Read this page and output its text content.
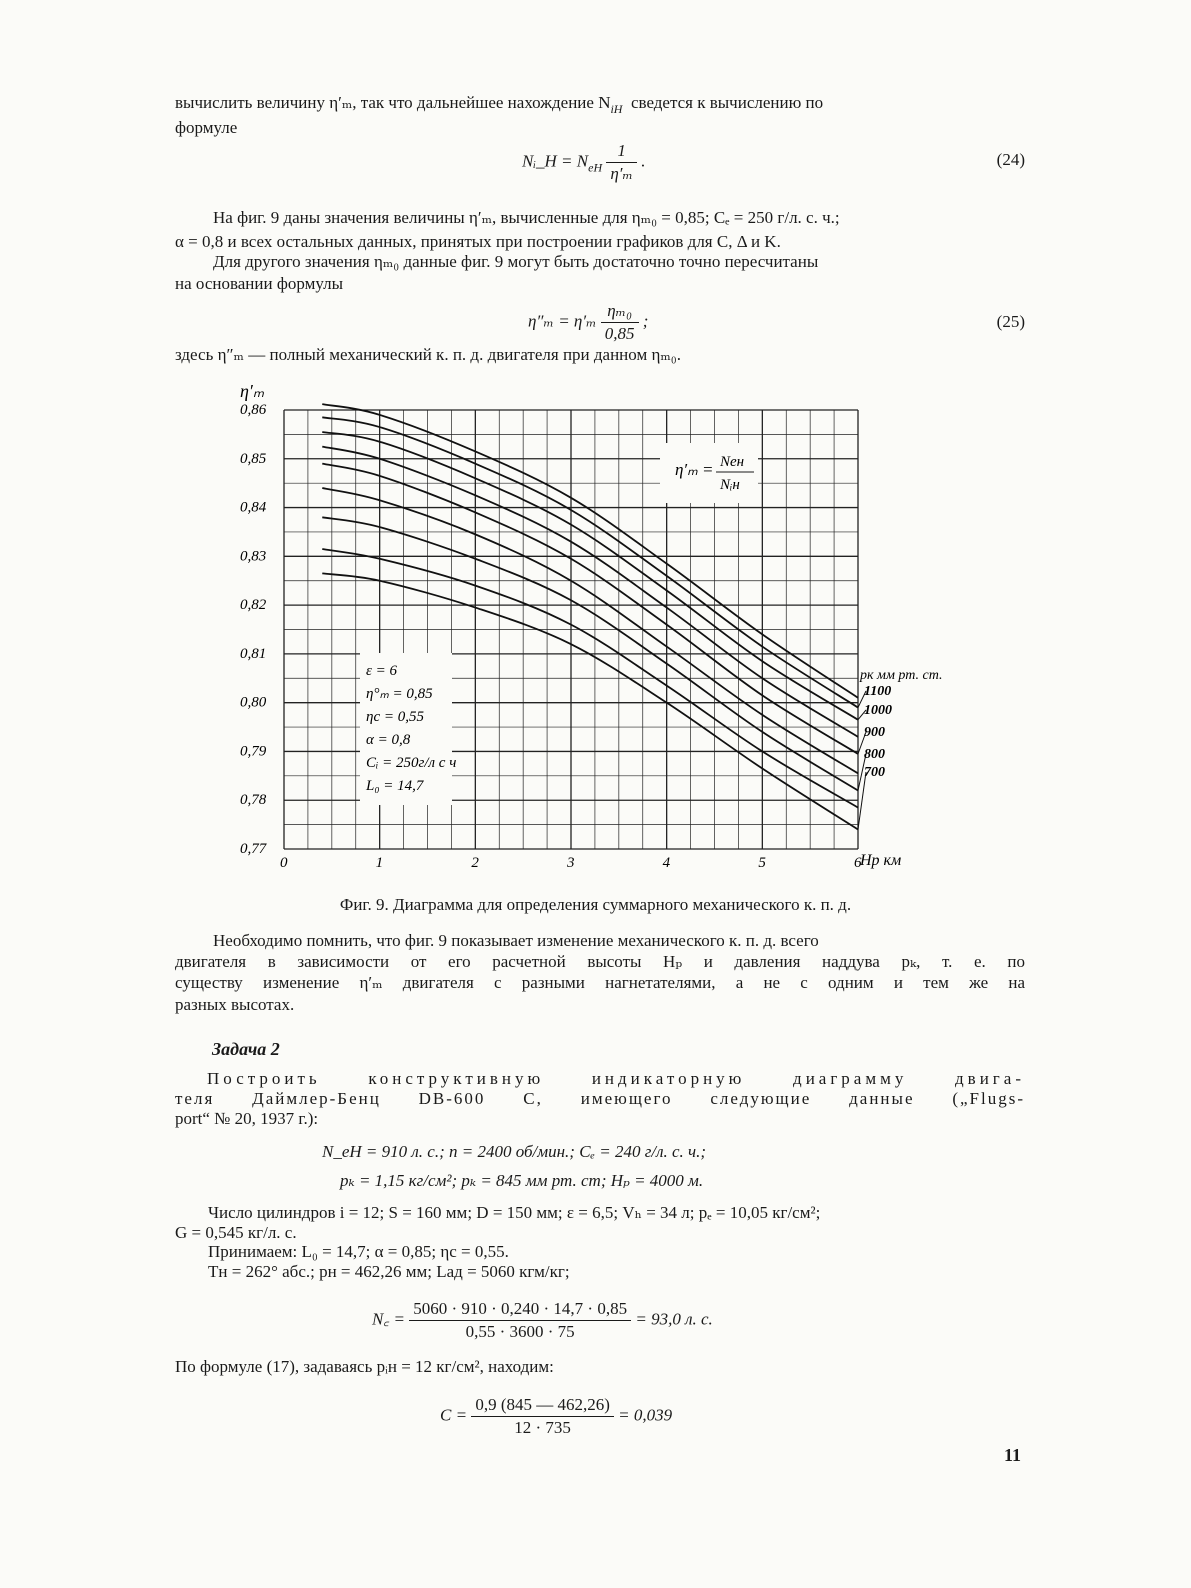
вычислить величину η′ₘ, так что дальнейшее нахождение $N_{iH}$ сведется к вычислению по
формуле
Nᵢ_H = $N_{eH} \frac{1}{\text{η′ₘ}}$ .	(24)
На фиг. 9 даны значения величины η′ₘ, вычисленные для ηₘ₀ = 0,85; Cₑ = 250 г/л. с. ч.;
α = 0,8 и всех остальных данных, принятых при построении графиков для C, Δ и K.
Для другого значения ηₘ₀ данные фиг. 9 могут быть достаточно точно пересчитаны
на основании формулы
$\eta''_m = \eta'_m \frac{\text{ηₘ₀}}{0,85}$ ;	(25)
здесь η″ₘ — полный механический к. п. д. двигателя при данном ηₘ₀.
0,86
0,85
0,84
0,83
0,82
0,81
0,80
0,79
0,78
0,77
0	1	2	3	4	5	6
η′ₘ
Hp км
η′ₘ = Nен
Nᵢн
ε = 6
η°ₘ = 0,85
ηc = 0,55
α = 0,8
Cᵢ = 250г/л с ч
L₀ = 14,7
pк мм рт. ст.
1100
1000
900
800
700
Фиг. 9. Диаграмма для определения суммарного механического к. п. д.
Необходимо помнить, что фиг. 9 показывает изменение механического к. п. д. всего
двигателя в зависимости от его расчетной высоты Hₚ и давления наддува pₖ, т. е. по
существу изменение η′ₘ двигателя с разными нагнетателями, а не с одним и тем же на
разных высотах.
Задача 2
Построить конструктивную индикаторную диаграмму двига-
теля Даймлер-Бенц DB-600 C, имеющего следующие данные („Flugs-
port“ № 20, 1937 г.):
N_eH = 910 л. с.; n = 2400 об/мин.; Cₑ = 240 г/л. с. ч.;
pₖ = 1,15 кг/см²; pₖ = 845 мм рт. ст; Hₚ = 4000 м.
Число цилиндров i = 12; S = 160 мм; D = 150 мм; ε = 6,5; Vₕ = 34 л; pₑ = 10,05 кг/см²;
G = 0,545 кг/л. с.
Принимаем: L₀ = 14,7; α = 0,85; ηc = 0,55.
Tн = 262° абс.; pн = 462,26 мм; Lад = 5060 кгм/кг;
N꜀ = $\frac{5060 \cdot 910 \cdot 0,240 \cdot 14,7 \cdot 0,85}{0,55 \cdot 3600 \cdot 75} = 93,0$ л. с.
По формуле (17), задаваясь pᵢн = 12 кг/см², находим:
$C = \frac{0,9 (845 — 462,26)}{12 \cdot 735} = 0,039$
11
